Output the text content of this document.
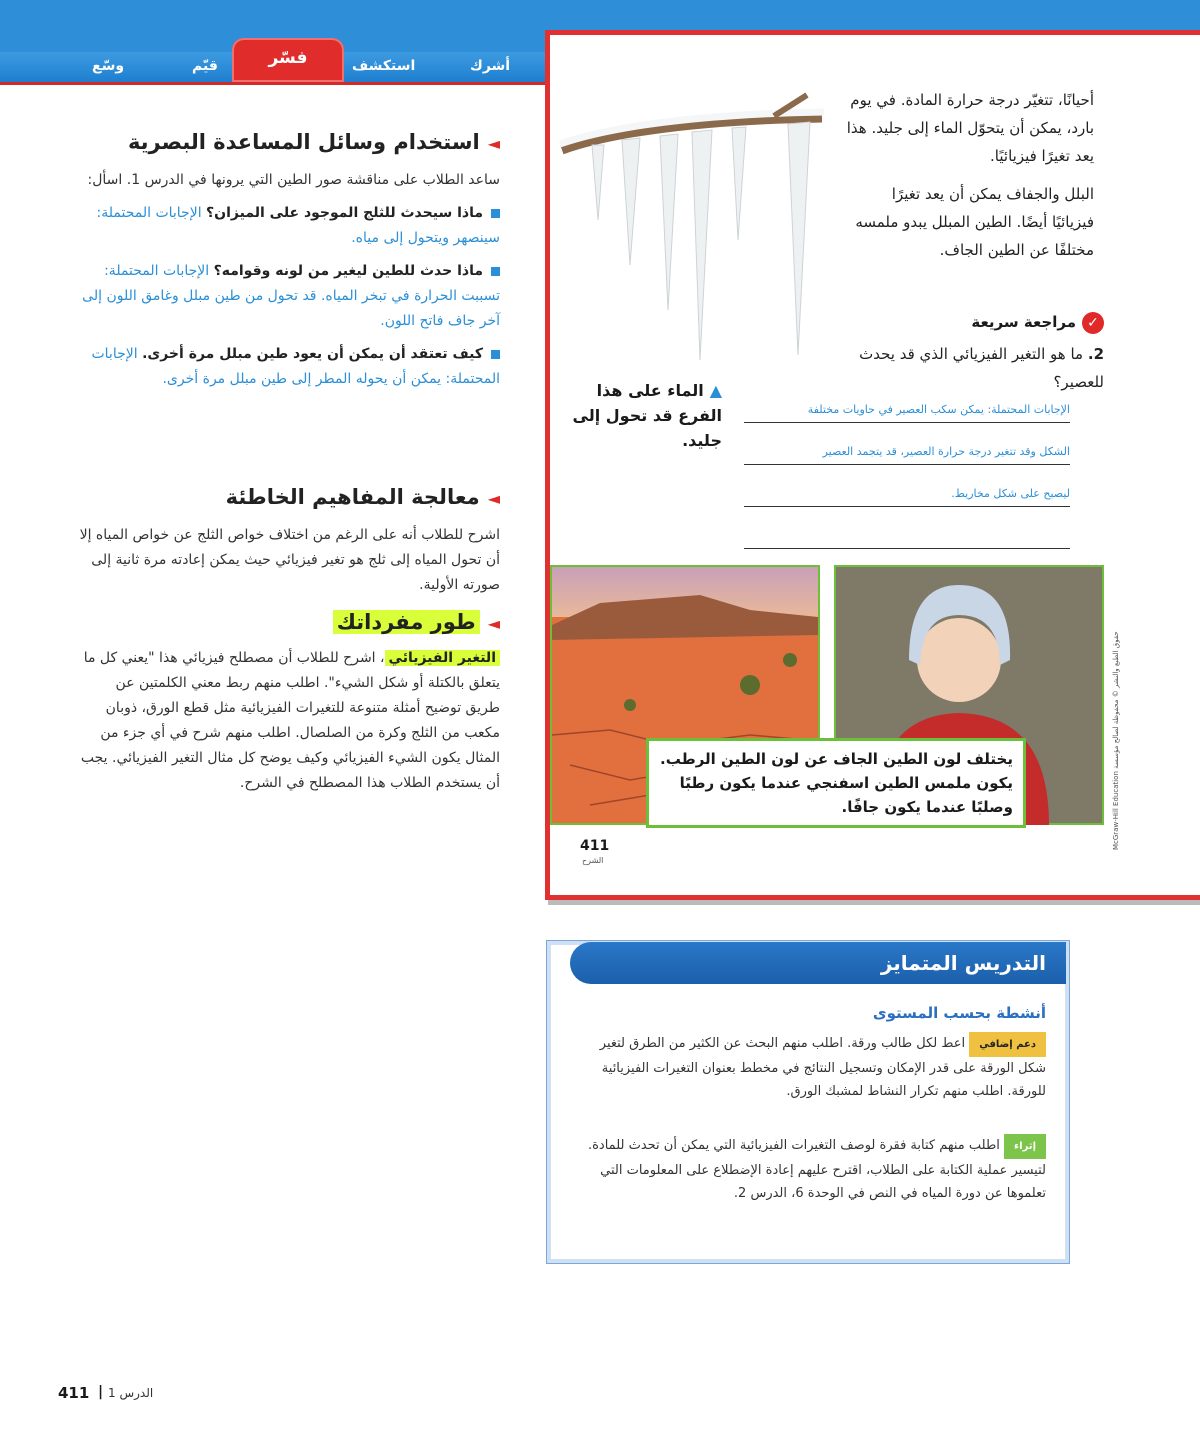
أشرك
استكشف
قيّم
وسّع	فسّر
◄استخدام وسائل المساعدة البصرية
ساعد الطلاب على مناقشة صور الطين التي يرونها في الدرس 1. اسأل:
ماذا سيحدث للثلج الموجود على الميزان؟ الإجابات المحتملة: سينصهر ويتحول إلى مياه.
ماذا حدث للطين ليغير من لونه وقوامه؟ الإجابات المحتملة: تسببت الحرارة في تبخر المياه. قد تحول من طين مبلل وغامق اللون إلى آخر جاف فاتح اللون.
كيف تعتقد أن يمكن أن يعود طين مبلل مرة أخرى. الإجابات المحتملة: يمكن أن يحوله المطر إلى طين مبلل مرة أخرى.
◄معالجة المفاهيم الخاطئة
اشرح للطلاب أنه على الرغم من اختلاف خواص الثلج عن خواص المياه إلا أن تحول المياه إلى ثلج هو تغير فيزيائي حيث يمكن إعادته مرة ثانية إلى صورته الأولية.
◄طور مفرداتك
التغير الفيزيائي، اشرح للطلاب أن مصطلح فيزيائي هذا "يعني كل ما يتعلق بالكتلة أو شكل الشيء". اطلب منهم ربط معني الكلمتين عن طريق توضيح أمثلة متنوعة للتغيرات الفيزيائية مثل قطع الورق، ذوبان مكعب من الثلج وكرة من الصلصال. اطلب منهم شرح في أي جزء من المثال يكون الشيء الفيزيائي وكيف يوضح كل مثال التغير الفيزيائي. يجب أن يستخدم الطلاب هذا المصطلح في الشرح.
أحيانًا، تتغيّر درجة حرارة المادة. في يوم بارد، يمكن أن يتحوّل الماء إلى جليد. هذا يعد تغيرًا فيزيائيًا.
البلل والجفاف يمكن أن يعد تغيرًا فيزيائيًا أيضًا. الطين المبلل يبدو ملمسه مختلفًا عن الطين الجاف.
✓مراجعة سريعة
2. ما هو التغير الفيزيائي الذي قد يحدث للعصير؟
الإجابات المحتملة: يمكن سكب العصير في حاويات مختلفة
الشكل وقد تتغير درجة حرارة العصير، قد يتجمد العصير
ليصبح على شكل مخاريط.
▲الماء على هذا الفرع قد تحول إلى جليد.
يختلف لون الطين الجاف عن لون الطين الرطب. يكون ملمس الطين اسفنجي عندما يكون رطبًا وصلبًا عندما يكون جافًا.
411
الشرح
McGraw-Hill Education حقوق الطبع والنشر © محفوظة لصالح مؤسسة
التدريس المتمايز
أنشطة بحسب المستوى
دعم إضافي اعط لكل طالب ورقة. اطلب منهم البحث عن الكثير من الطرق لتغير شكل الورقة على قدر الإمكان وتسجيل النتائج في مخطط بعنوان التغيرات الفيزيائية للورقة. اطلب منهم تكرار النشاط لمشبك الورق.
إثراء اطلب منهم كتابة فقرة لوصف التغيرات الفيزيائية التي يمكن أن تحدث للمادة. لتيسير عملية الكتابة على الطلاب، اقترح عليهم إعادة الإضطلاع على المعلومات التي تعلموها عن دورة المياه في النص في الوحدة 6، الدرس 2.
411 | الدرس 1
